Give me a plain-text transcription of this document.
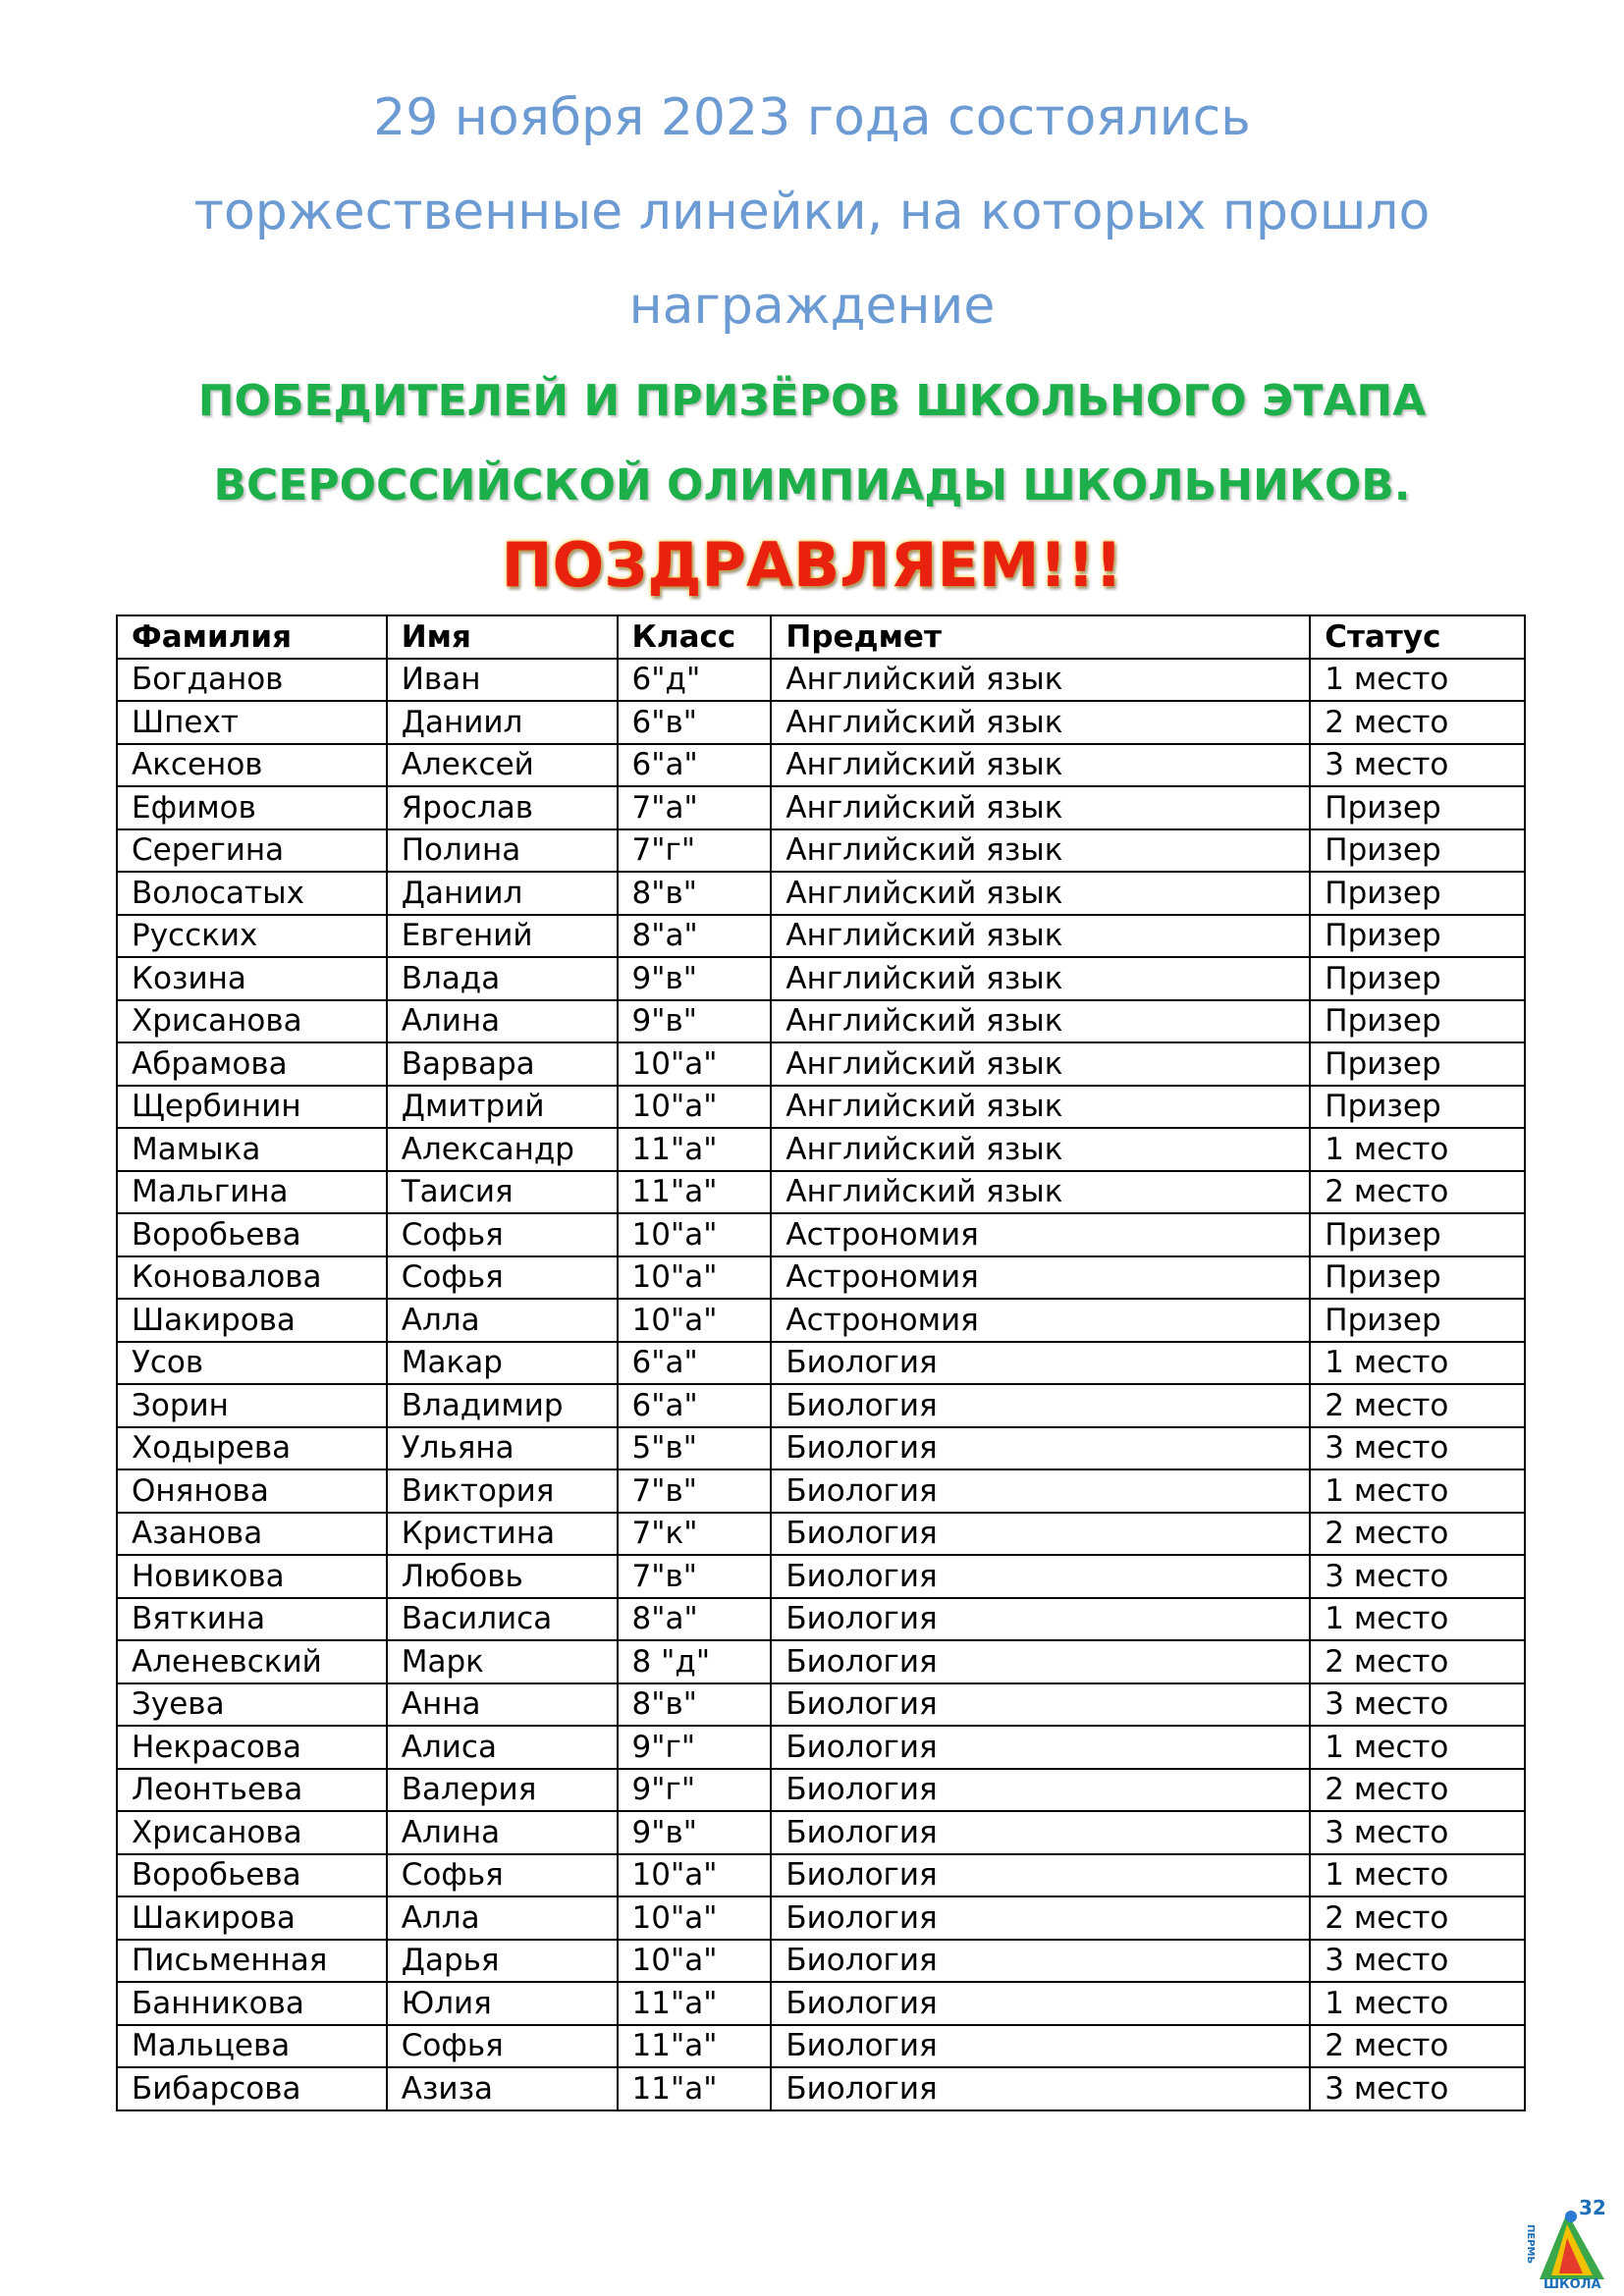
29 ноября 2023 года состоялись
торжественные линейки, на которых прошло
награждение
ПОБЕДИТЕЛЕЙ И ПРИЗЁРОВ ШКОЛЬНОГО ЭТАПА
ВСЕРОССИЙСКОЙ ОЛИМПИАДЫ ШКОЛЬНИКОВ.
ПОЗДРАВЛЯЕМ!!!
Фамилия	Имя	Класс	Предмет	Статус
Богданов	Иван	6"д"	Английский язык	1 место
Шпехт	Даниил	6"в"	Английский язык	2 место
Аксенов	Алексей	6"а"	Английский язык	3 место
Ефимов	Ярослав	7"а"	Английский язык	Призер
Серегина	Полина	7"г"	Английский язык	Призер
Волосатых	Даниил	8"в"	Английский язык	Призер
Русских	Евгений	8"а"	Английский язык	Призер
Козина	Влада	9"в"	Английский язык	Призер
Хрисанова	Алина	9"в"	Английский язык	Призер
Абрамова	Варвара	10"а"	Английский язык	Призер
Щербинин	Дмитрий	10"а"	Английский язык	Призер
Мамыка	Александр	11"а"	Английский язык	1 место
Мальгина	Таисия	11"а"	Английский язык	2 место
Воробьева	Софья	10"а"	Астрономия	Призер
Коновалова	Софья	10"а"	Астрономия	Призер
Шакирова	Алла	10"а"	Астрономия	Призер
Усов	Макар	6"а"	Биология	1 место
Зорин	Владимир	6"а"	Биология	2 место
Ходырева	Ульяна	5"в"	Биология	3 место
Онянова	Виктория	7"в"	Биология	1 место
Азанова	Кристина	7"к"	Биология	2 место
Новикова	Любовь	7"в"	Биология	3 место
Вяткина	Василиса	8"а"	Биология	1 место
Аленевский	Марк	8 "д"	Биология	2 место
Зуева	Анна	8"в"	Биология	3 место
Некрасова	Алиса	9"г"	Биология	1 место
Леонтьева	Валерия	9"г"	Биология	2 место
Хрисанова	Алина	9"в"	Биология	3 место
Воробьева	Софья	10"а"	Биология	1 место
Шакирова	Алла	10"а"	Биология	2 место
Письменная	Дарья	10"а"	Биология	3 место
Банникова	Юлия	11"а"	Биология	1 место
Мальцева	Софья	11"а"	Биология	2 место
Бибарсова	Азиза	11"а"	Биология	3 место
32
ПЕРМЬ
ШКОЛА
